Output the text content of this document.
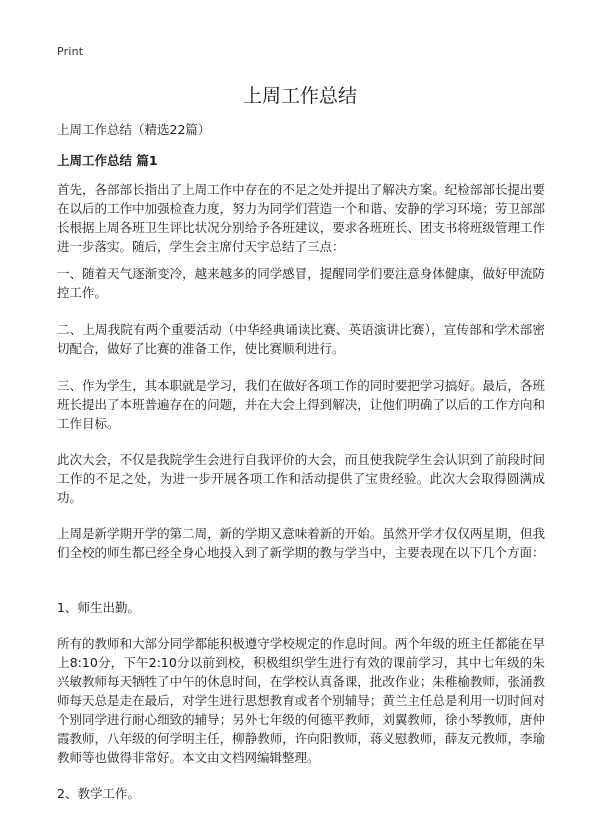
Print
上周工作总结
上周工作总结（精选22篇）
上周工作总结 篇1

首先，各部部长指出了上周工作中存在的不足之处并提出了解决方案。纪检部部长提出要在以后的工作中加强检查力度，努力为同学们营造一个和谐、安静的学习环境；劳卫部部长根据上周各班卫生评比状况分别给予各班建议，要求各班班长、团支书将班级管理工作进一步落实。随后，学生会主席付天宇总结了三点：

一、随着天气逐渐变冷，越来越多的同学感冒，提醒同学们要注意身体健康，做好甲流防控工作。

二、上周我院有两个重要活动（中华经典诵读比赛、英语演讲比赛），宣传部和学术部密切配合，做好了比赛的准备工作，使比赛顺利进行。

三、作为学生，其本职就是学习，我们在做好各项工作的同时要把学习搞好。最后，各班班长提出了本班普遍存在的问题，并在大会上得到解决，让他们明确了以后的工作方向和工作目标。

此次大会，不仅是我院学生会进行自我评价的大会，而且使我院学生会认识到了前段时间工作的不足之处，为进一步开展各项工作和活动提供了宝贵经验。此次大会取得圆满成功。

上周是新学期开学的第二周，新的学期又意味着新的开始。虽然开学才仅仅两星期，但我们全校的师生都已经全身心地投入到了新学期的教与学当中，主要表现在以下几个方面：

1、师生出勤。

所有的教师和大部分同学都能积极遵守学校规定的作息时间。两个年级的班主任都能在早上8:10分，下午2:10分以前到校，积极组织学生进行有效的课前学习，其中七年级的朱兴敏教师每天牺牲了中午的休息时间，在学校认真备课，批改作业；朱稚榆教师，张涌教师每天总是走在最后，对学生进行思想教育或者个别辅导；黄兰主任总是利用一切时间对个别同学进行耐心细致的辅导；另外七年级的何德平教师，刘翼教师，徐小琴教师，唐仲霞教师，八年级的何学明主任，柳静教师，许向阳教师，蒋义慰教师，薛友元教师，李瑜教师等也做得非常好。本文由文档网编辑整理。

2、教学工作。
